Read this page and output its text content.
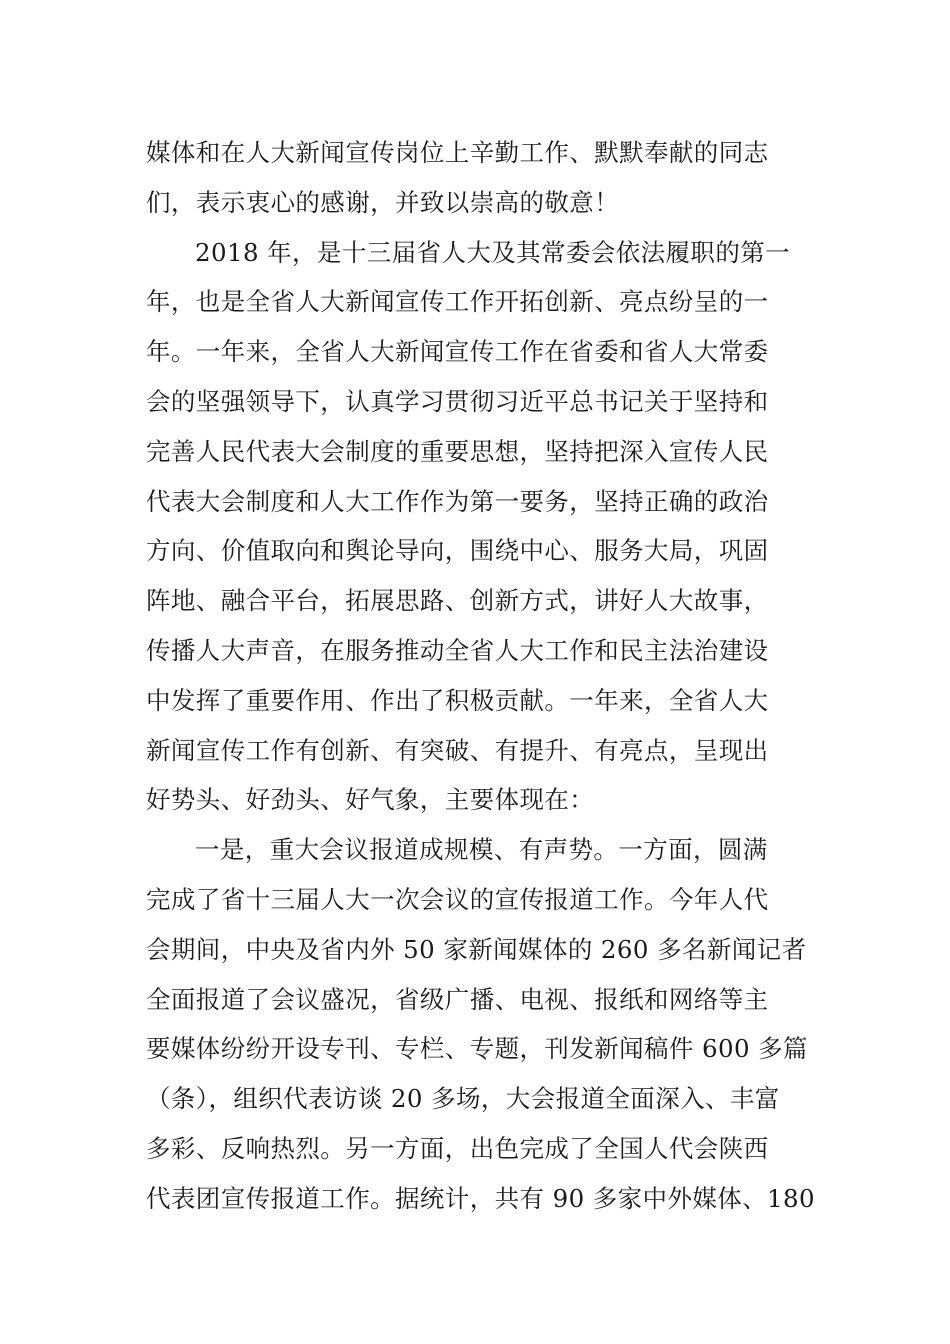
媒体和在人大新闻宣传岗位上辛勤工作、默默奉献的同志
们，表示衷心的感谢，并致以崇高的敬意！
2018 年，是十三届省人大及其常委会依法履职的第一
年，也是全省人大新闻宣传工作开拓创新、亮点纷呈的一
年。一年来，全省人大新闻宣传工作在省委和省人大常委
会的坚强领导下，认真学习贯彻习近平总书记关于坚持和
完善人民代表大会制度的重要思想，坚持把深入宣传人民
代表大会制度和人大工作作为第一要务，坚持正确的政治
方向、价值取向和舆论导向，围绕中心、服务大局，巩固
阵地、融合平台，拓展思路、创新方式，讲好人大故事，
传播人大声音，在服务推动全省人大工作和民主法治建设
中发挥了重要作用、作出了积极贡献。一年来，全省人大
新闻宣传工作有创新、有突破、有提升、有亮点，呈现出
好势头、好劲头、好气象，主要体现在：
一是，重大会议报道成规模、有声势。一方面，圆满
完成了省十三届人大一次会议的宣传报道工作。今年人代
会期间，中央及省内外 50 家新闻媒体的 260 多名新闻记者
全面报道了会议盛况，省级广播、电视、报纸和网络等主
要媒体纷纷开设专刊、专栏、专题，刊发新闻稿件 600 多篇
（条），组织代表访谈 20 多场，大会报道全面深入、丰富
多彩、反响热烈。另一方面，出色完成了全国人代会陕西
代表团宣传报道工作。据统计，共有 90 多家中外媒体、180
